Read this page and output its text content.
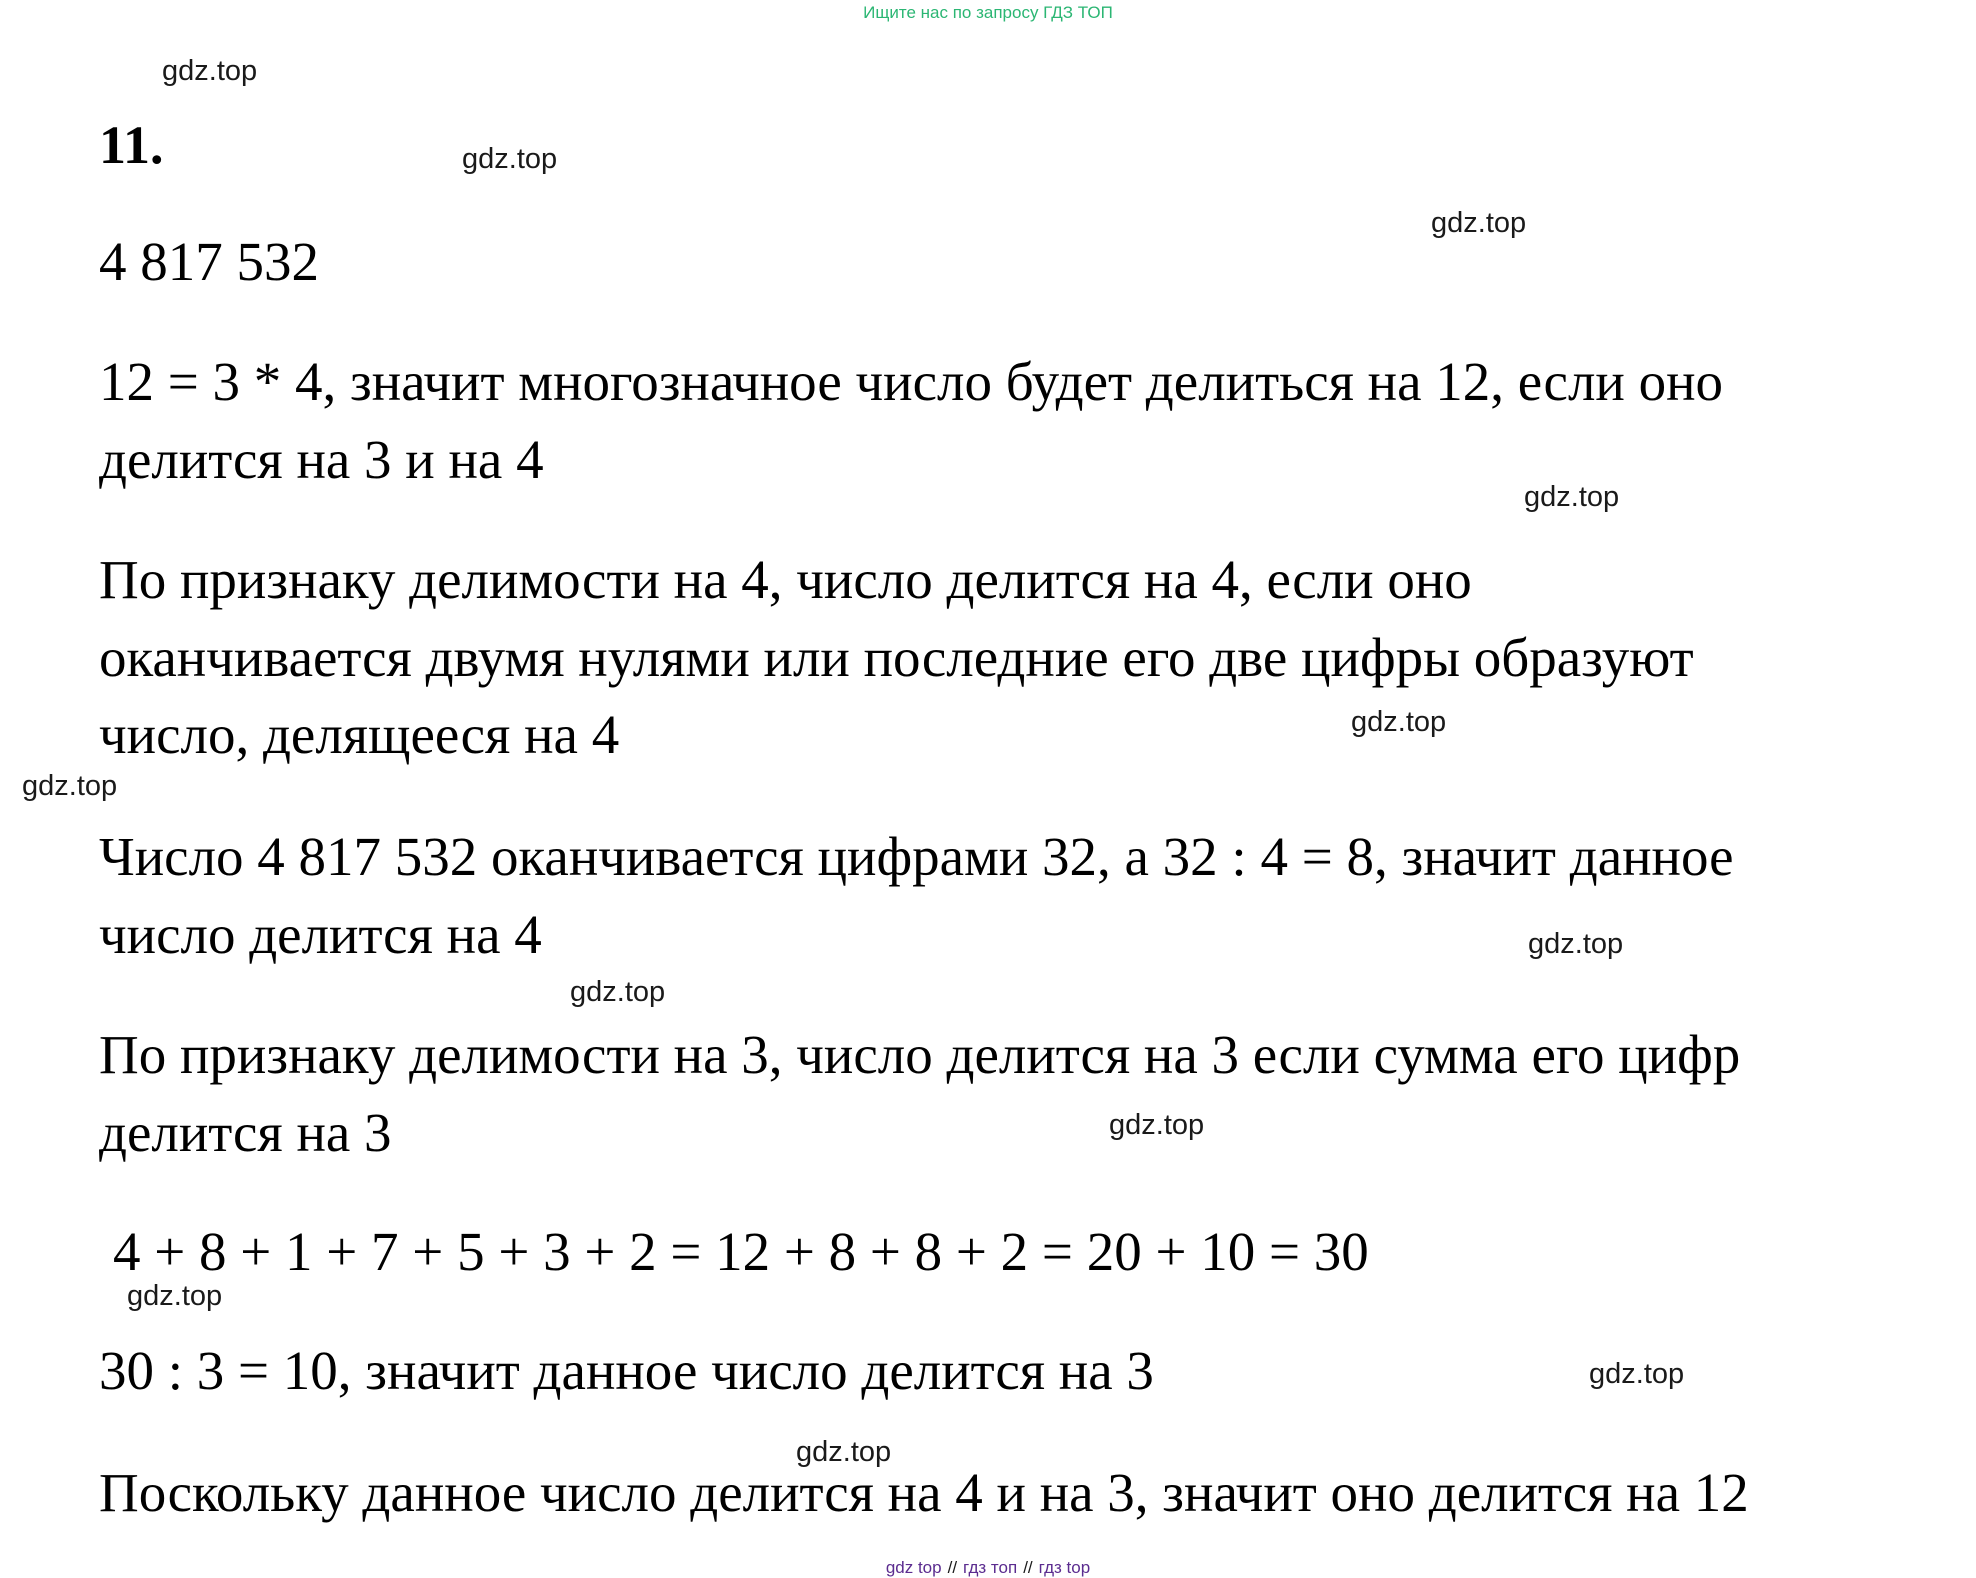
Ищите нас по запросу ГДЗ ТОП
gdz.top
gdz.top
gdz.top
gdz.top
gdz.top
gdz.top
gdz.top
gdz.top
gdz.top
gdz.top
gdz.top
gdz.top
11.

4 817 532

12 = 3 * 4, значит многозначное число будет делиться на 12, если оно

делится на 3 и на 4

По признаку делимости на 4, число делится на 4, если оно

оканчивается двумя нулями или последние его две цифры образуют

число, делящееся на 4

Число 4 817 532 оканчивается цифрами 32, а 32 : 4 = 8, значит данное

число делится на 4

По признаку делимости на 3, число делится на 3 если сумма его цифр

делится на 3

4 + 8 + 1 + 7 + 5 + 3 + 2 = 12 + 8 + 8 + 2 = 20 + 10 = 30

30 : 3 = 10, значит данное число делится на 3

Поскольку данное число делится на 4 и на 3, значит оно делится на 12

gdz top // гдз топ // гдз top
